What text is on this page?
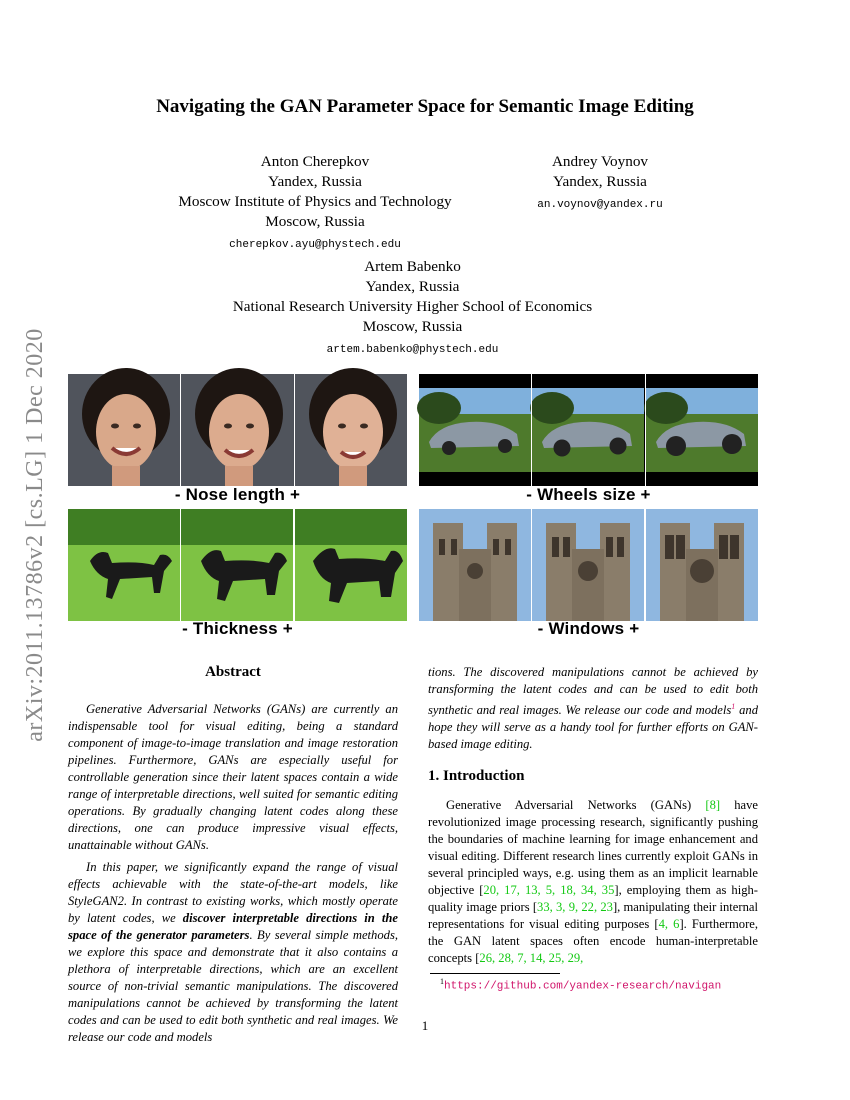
arXiv:2011.13786v2 [cs.LG] 1 Dec 2020
Navigating the GAN Parameter Space for Semantic Image Editing
Anton Cherepkov
Yandex, Russia
Moscow Institute of Physics and Technology
Moscow, Russia
cherepkov.ayu@phystech.edu
Andrey Voynov
Yandex, Russia
an.voynov@yandex.ru
Artem Babenko
Yandex, Russia
National Research University Higher School of Economics
Moscow, Russia
artem.babenko@phystech.edu
- Nose length +	- Wheels size +
- Thickness +	- Windows +
Abstract

Generative Adversarial Networks (GANs) are currently an indispensable tool for visual editing, being a standard component of image-to-image translation and image restoration pipelines. Furthermore, GANs are especially useful for controllable generation since their latent spaces contain a wide range of interpretable directions, well suited for semantic editing operations. By gradually changing latent codes along these directions, one can produce impressive visual effects, unattainable without GANs.

In this paper, we significantly expand the range of visual effects achievable with the state-of-the-art models, like StyleGAN2. In contrast to existing works, which mostly operate by latent codes, we discover interpretable directions in the space of the generator parameters. By several simple methods, we explore this space and demonstrate that it also contains a plethora of interpretable directions, which are an excellent source of non-trivial semantic manipulations. The discovered manipulations cannot be achieved by transforming the latent codes and can be used to edit both synthetic and real images. We release our code and models

tions. The discovered manipulations cannot be achieved by transforming the latent codes and can be used to edit both synthetic and real images. We release our code and models$^1$ and hope they will serve as a handy tool for further efforts on GAN-based image editing.

1. Introduction

Generative Adversarial Networks (GANs) [8] have revolutionized image processing research, significantly pushing the boundaries of machine learning for image enhancement and visual editing. Different research lines currently exploit GANs in several principled ways, e.g. using them as an implicit learnable objective [20, 17, 13, 5, 18, 34, 35], employing them as high-quality image priors [33, 3, 9, 22, 23], manipulating their internal representations for visual editing purposes [4, 6]. Furthermore, the GAN latent spaces often encode human-interpretable concepts [26, 28, 7, 14, 25, 29,

$^1$https://github.com/yandex-research/navigan
1
